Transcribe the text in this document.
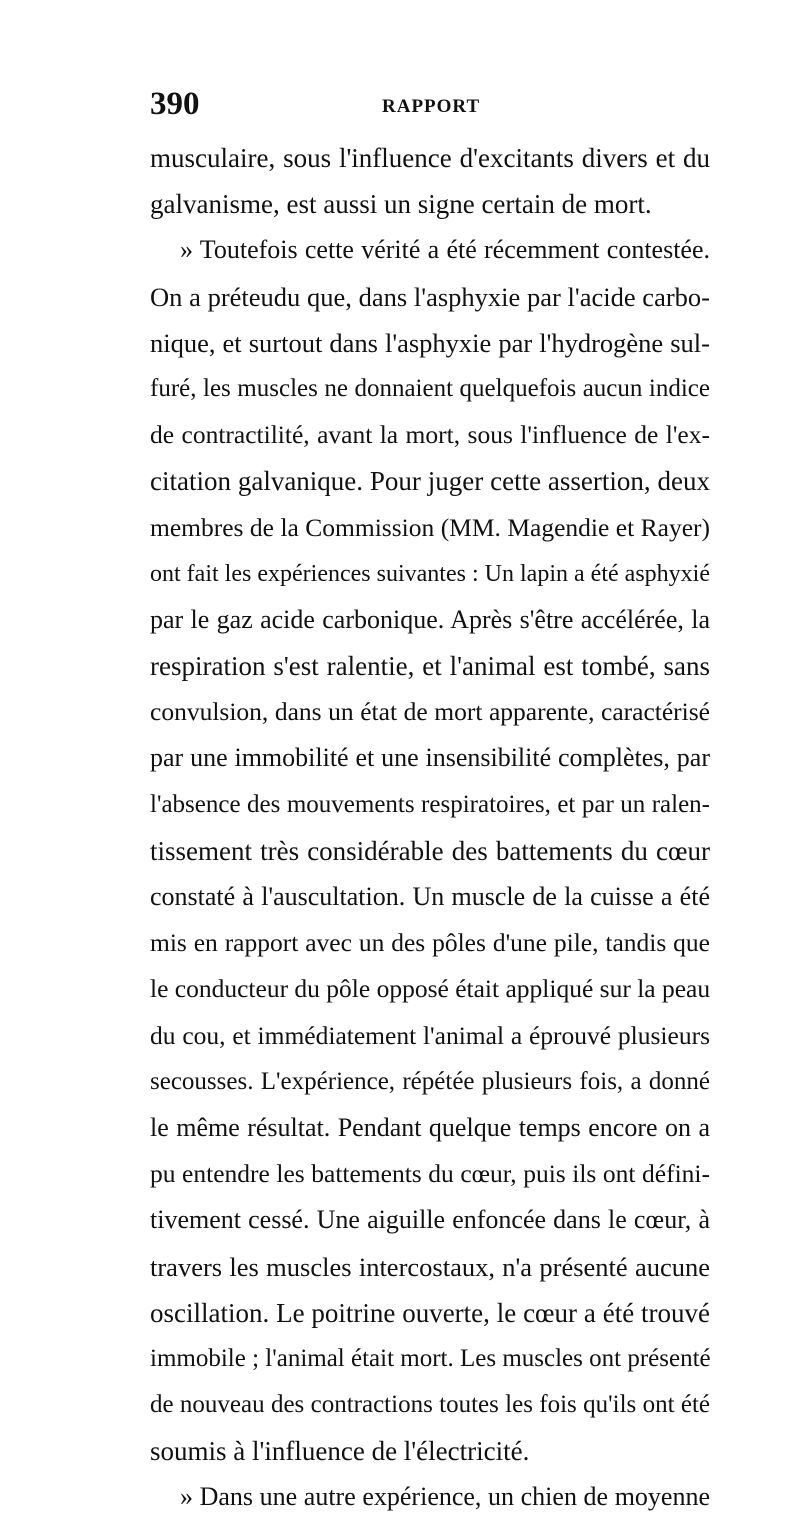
390	RAPPORT
musculaire, sous l'influence d'excitants divers et du
galvanisme, est aussi un signe certain de mort.
» Toutefois cette vérité a été récemment contestée.
On a préteudu que, dans l'asphyxie par l'acide carbo-
nique, et surtout dans l'asphyxie par l'hydrogène sul-
furé, les muscles ne donnaient quelquefois aucun indice
de contractilité, avant la mort, sous l'influence de l'ex-
citation galvanique. Pour juger cette assertion, deux
membres de la Commission (MM. Magendie et Rayer)
ont fait les expériences suivantes : Un lapin a été asphyxié
par le gaz acide carbonique. Après s'être accélérée, la
respiration s'est ralentie, et l'animal est tombé, sans
convulsion, dans un état de mort apparente, caractérisé
par une immobilité et une insensibilité complètes, par
l'absence des mouvements respiratoires, et par un ralen-
tissement très considérable des battements du cœur
constaté à l'auscultation. Un muscle de la cuisse a été
mis en rapport avec un des pôles d'une pile, tandis que
le conducteur du pôle opposé était appliqué sur la peau
du cou, et immédiatement l'animal a éprouvé plusieurs
secousses. L'expérience, répétée plusieurs fois, a donné
le même résultat. Pendant quelque temps encore on a
pu entendre les battements du cœur, puis ils ont défini-
tivement cessé. Une aiguille enfoncée dans le cœur, à
travers les muscles intercostaux, n'a présenté aucune
oscillation. Le poitrine ouverte, le cœur a été trouvé
immobile ; l'animal était mort. Les muscles ont présenté
de nouveau des contractions toutes les fois qu'ils ont été
soumis à l'influence de l'électricité.
» Dans une autre expérience, un chien de moyenne
